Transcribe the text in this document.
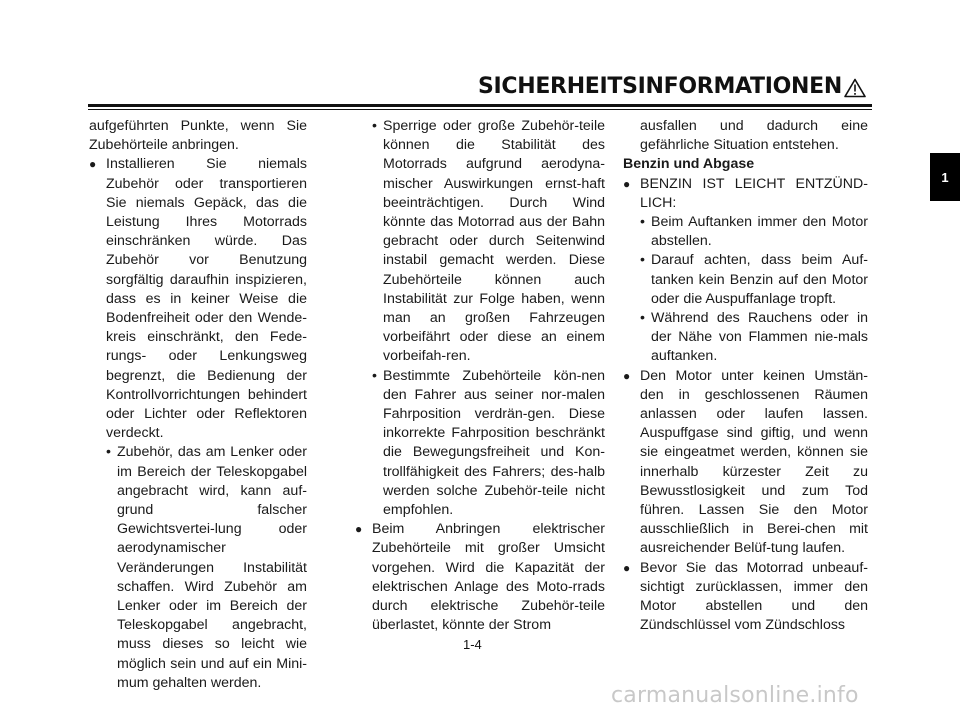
SICHERHEITSINFORMATIONEN
1

aufgeführten Punkte, wenn Sie Zubehörteile anbringen.

● Installieren Sie niemals Zubehör oder transportieren Sie niemals Gepäck, das die Leistung Ihres Motorrads einschränken würde. Das Zubehör vor Benutzung sorgfältig daraufhin inspizieren, dass es in keiner Weise die Bodenfreiheit oder den Wende-kreis einschränkt, den Fede-rungs- oder Lenkungsweg begrenzt, die Bedienung der Kontrollvorrichtungen behindert oder Lichter oder Reflektoren verdeckt.

• Zubehör, das am Lenker oder im Bereich der Teleskopgabel angebracht wird, kann auf-grund falscher Gewichtsvertei-lung oder aerodynamischer Veränderungen Instabilität schaffen. Wird Zubehör am Lenker oder im Bereich der Teleskopgabel angebracht, muss dieses so leicht wie möglich sein und auf ein Mini-mum gehalten werden.

• Sperrige oder große Zubehör-teile können die Stabilität des Motorrads aufgrund aerodyna-mischer Auswirkungen ernst-haft beeinträchtigen. Durch Wind könnte das Motorrad aus der Bahn gebracht oder durch Seitenwind instabil gemacht werden. Diese Zubehörteile können auch Instabilität zur Folge haben, wenn man an großen Fahrzeugen vorbeifährt oder diese an einem vorbeifah-ren.

• Bestimmte Zubehörteile kön-nen den Fahrer aus seiner nor-malen Fahrposition verdrän-gen. Diese inkorrekte Fahrposition beschränkt die Bewegungsfreiheit und Kon-trollfähigkeit des Fahrers; des-halb werden solche Zubehör-teile nicht empfohlen.

● Beim Anbringen elektrischer Zubehörteile mit großer Umsicht vorgehen. Wird die Kapazität der elektrischen Anlage des Moto-rrads durch elektrische Zubehör-teile überlastet, könnte der Strom

ausfallen und dadurch eine gefährliche Situation entstehen.

Benzin und Abgase

● BENZIN IST LEICHT ENTZÜND-LICH:

• Beim Auftanken immer den Motor abstellen.

• Darauf achten, dass beim Auf-tanken kein Benzin auf den Motor oder die Auspuffanlage tropft.

• Während des Rauchens oder in der Nähe von Flammen nie-mals auftanken.

● Den Motor unter keinen Umstän-den in geschlossenen Räumen anlassen oder laufen lassen. Auspuffgase sind giftig, und wenn sie eingeatmet werden, können sie innerhalb kürzester Zeit zu Bewusstlosigkeit und zum Tod führen. Lassen Sie den Motor ausschließlich in Berei-chen mit ausreichender Belüf-tung laufen.

● Bevor Sie das Motorrad unbeauf-sichtigt zurücklassen, immer den Motor abstellen und den Zündschlüssel vom Zündschloss

1-4
carmanualsonline.info
